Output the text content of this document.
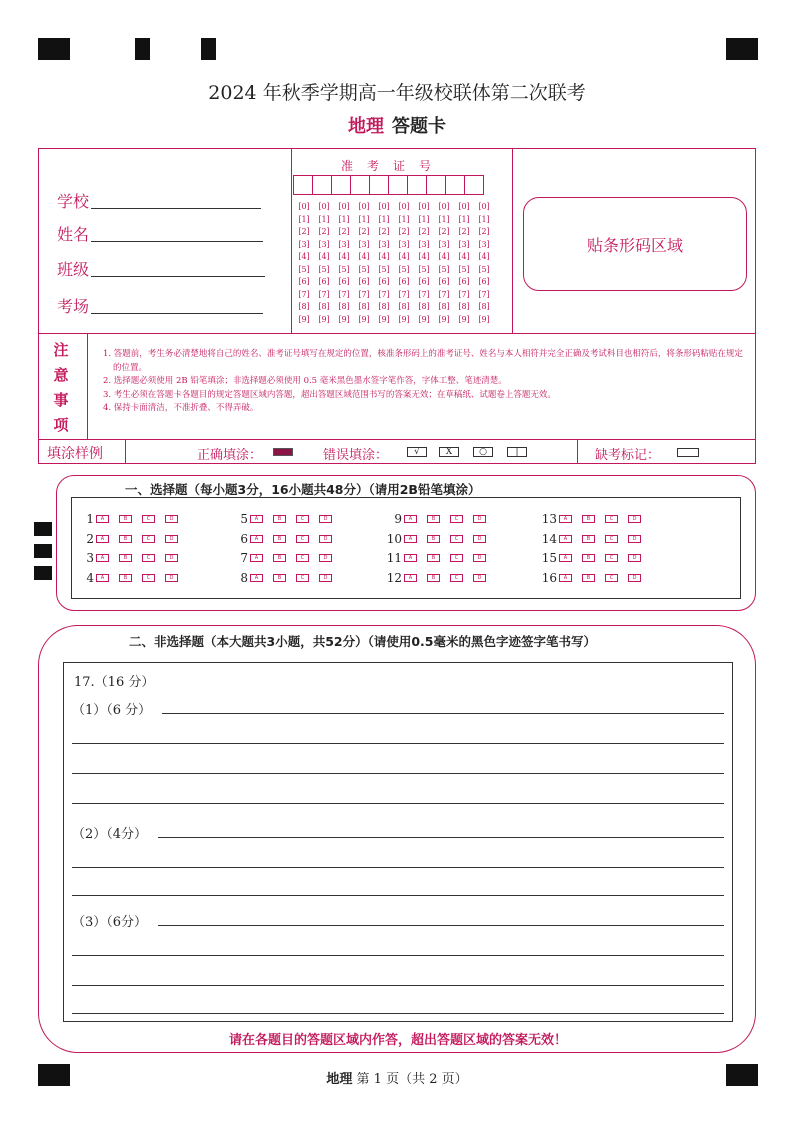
2024 年秋季学期高一年级校联体第二次联考
地理 答题卡
学校
姓名
班级
考场
准考证号
[0]	[0]	[0]	[0]	[0]	[0]	[0]	[0]	[0]	[0]
[1]	[1]	[1]	[1]	[1]	[1]	[1]	[1]	[1]	[1]
[2]	[2]	[2]	[2]	[2]	[2]	[2]	[2]	[2]	[2]
[3]	[3]	[3]	[3]	[3]	[3]	[3]	[3]	[3]	[3]
[4]	[4]	[4]	[4]	[4]	[4]	[4]	[4]	[4]	[4]
[5]	[5]	[5]	[5]	[5]	[5]	[5]	[5]	[5]	[5]
[6]	[6]	[6]	[6]	[6]	[6]	[6]	[6]	[6]	[6]
[7]	[7]	[7]	[7]	[7]	[7]	[7]	[7]	[7]	[7]
[8]	[8]	[8]	[8]	[8]	[8]	[8]	[8]	[8]	[8]
[9]	[9]	[9]	[9]	[9]	[9]	[9]	[9]	[9]	[9]
贴条形码区域
注
意
事
项
1. 答题前，考生务必清楚地将自己的姓名、准考证号填写在规定的位置，核准条形码上的准考证号、姓名与本人相符并完全正确及考试科目也相符后，将条形码粘贴在规定的位置。
2. 选择题必须使用 2B 铅笔填涂；非选择题必须使用 0.5 毫米黑色墨水签字笔作答，字体工整、笔迹清楚。
3. 考生必须在答题卡各题目的规定答题区域内答题，超出答题区域范围书写的答案无效；在草稿纸、试题卷上答题无效。
4. 保持卡面清洁，不准折叠、不得弄破。
填涂样例	正确填涂：	错误填涂：	√	X	○	|	缺考标记：
一、选择题（每小题3分，16小题共48分）（请用2B铅笔填涂）
1	A	B	C	D
2	A	B	C	D
3	A	B	C	D
4	A	B	C	D
5	A	B	C	D
6	A	B	C	D
7	A	B	C	D
8	A	B	C	D
9	A	B	C	D
10	A	B	C	D
11	A	B	C	D
12	A	B	C	D
13	A	B	C	D
14	A	B	C	D
15	A	B	C	D
16	A	B	C	D
二、非选择题（本大题共3小题，共52分）（请使用0.5毫米的黑色字迹签字笔书写）
17.（16 分）
（1）（6 分）
（2）（4分）
（3）（6分）
请在各题目的答题区域内作答，超出答题区域的答案无效！
地理 第 1 页（共 2 页）
